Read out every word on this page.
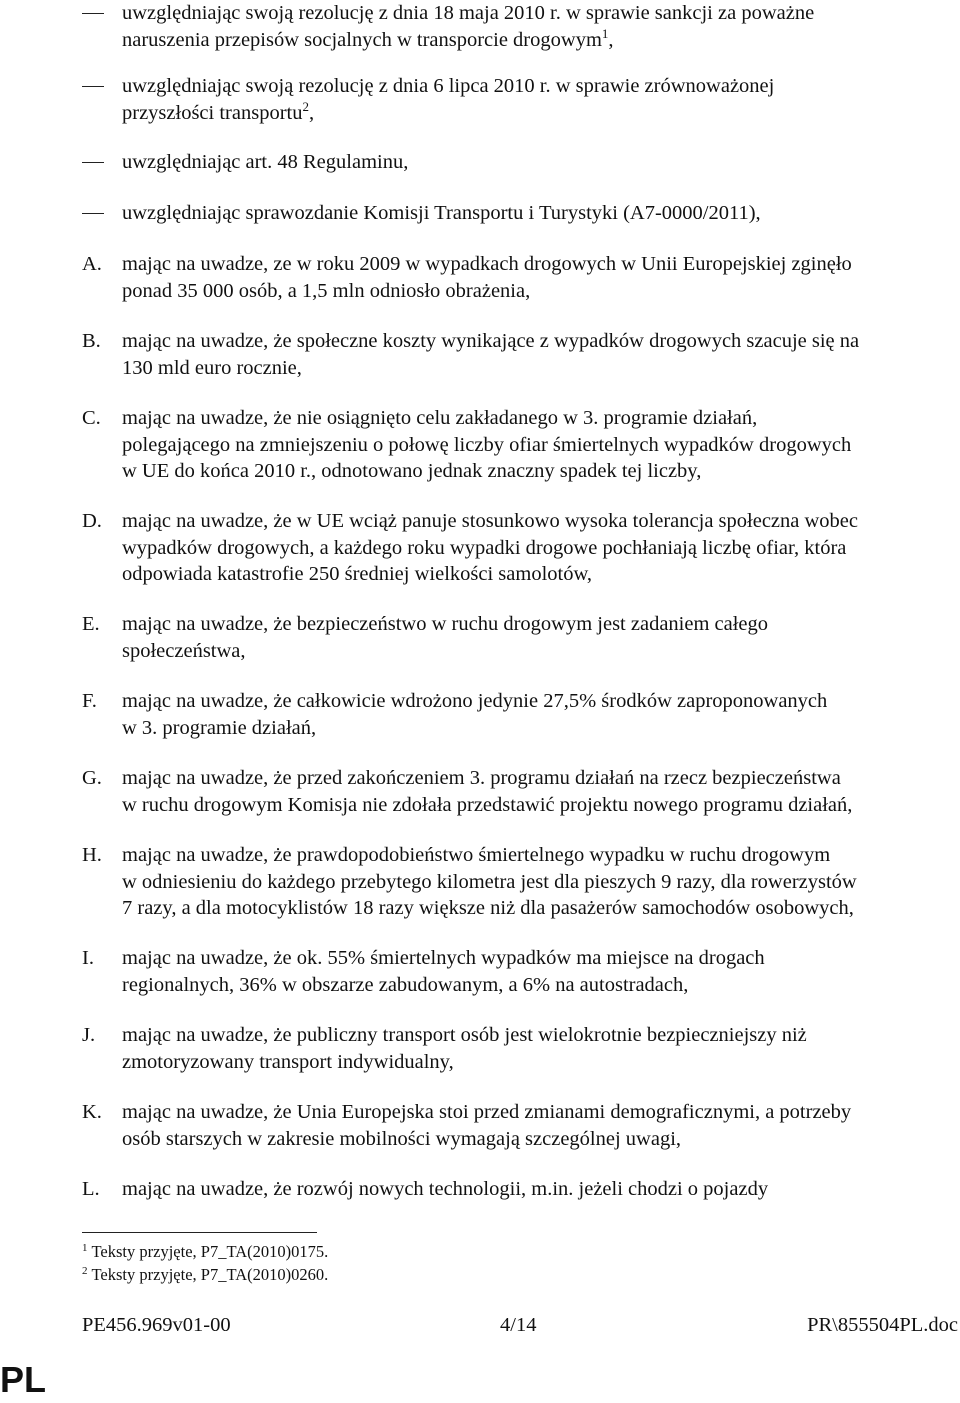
uwzględniając swoją rezolucję z dnia 18 maja 2010 r. w sprawie sankcji za poważne
naruszenia przepisów socjalnych w transporcie drogowym$^1$,
uwzględniając swoją rezolucję z dnia 6 lipca 2010 r. w sprawie zrównoważonej
przyszłości transportu$^2$,
uwzględniając art. 48 Regulaminu,
uwzględniając sprawozdanie Komisji Transportu i Turystyki (A7-0000/2011),
A. mając na uwadze, ze w roku 2009 w wypadkach drogowych w Unii Europejskiej zginęło
ponad 35 000 osób, a 1,5 mln odniosło obrażenia,
B. mając na uwadze, że społeczne koszty wynikające z wypadków drogowych szacuje się na
130 mld euro rocznie,
C. mając na uwadze, że nie osiągnięto celu zakładanego w 3. programie działań,
polegającego na zmniejszeniu o połowę liczby ofiar śmiertelnych wypadków drogowych
w UE do końca 2010 r., odnotowano jednak znaczny spadek tej liczby,
D. mając na uwadze, że w UE wciąż panuje stosunkowo wysoka tolerancja społeczna wobec
wypadków drogowych, a każdego roku wypadki drogowe pochłaniają liczbę ofiar, która
odpowiada katastrofie 250 średniej wielkości samolotów,
E. mając na uwadze, że bezpieczeństwo w ruchu drogowym jest zadaniem całego
społeczeństwa,
F. mając na uwadze, że całkowicie wdrożono jedynie 27,5% środków zaproponowanych
w 3. programie działań,
G. mając na uwadze, że przed zakończeniem 3. programu działań na rzecz bezpieczeństwa
w ruchu drogowym Komisja nie zdołała przedstawić projektu nowego programu działań,
H. mając na uwadze, że prawdopodobieństwo śmiertelnego wypadku w ruchu drogowym
w odniesieniu do każdego przebytego kilometra jest dla pieszych 9 razy, dla rowerzystów
7 razy, a dla motocyklistów 18 razy większe niż dla pasażerów samochodów osobowych,
I. mając na uwadze, że ok. 55% śmiertelnych wypadków ma miejsce na drogach
regionalnych, 36% w obszarze zabudowanym, a 6% na autostradach,
J. mając na uwadze, że publiczny transport osób jest wielokrotnie bezpieczniejszy niż
zmotoryzowany transport indywidualny,
K. mając na uwadze, że Unia Europejska stoi przed zmianami demograficznymi, a potrzeby
osób starszych w zakresie mobilności wymagają szczególnej uwagi,
L. mając na uwadze, że rozwój nowych technologii, m.in. jeżeli chodzi o pojazdy
$^1$ Teksty przyjęte, P7_TA(2010)0175.
$^2$ Teksty przyjęte, P7_TA(2010)0260.
PE456.969v01-00	4/14	PR\855504PL.doc
PL
